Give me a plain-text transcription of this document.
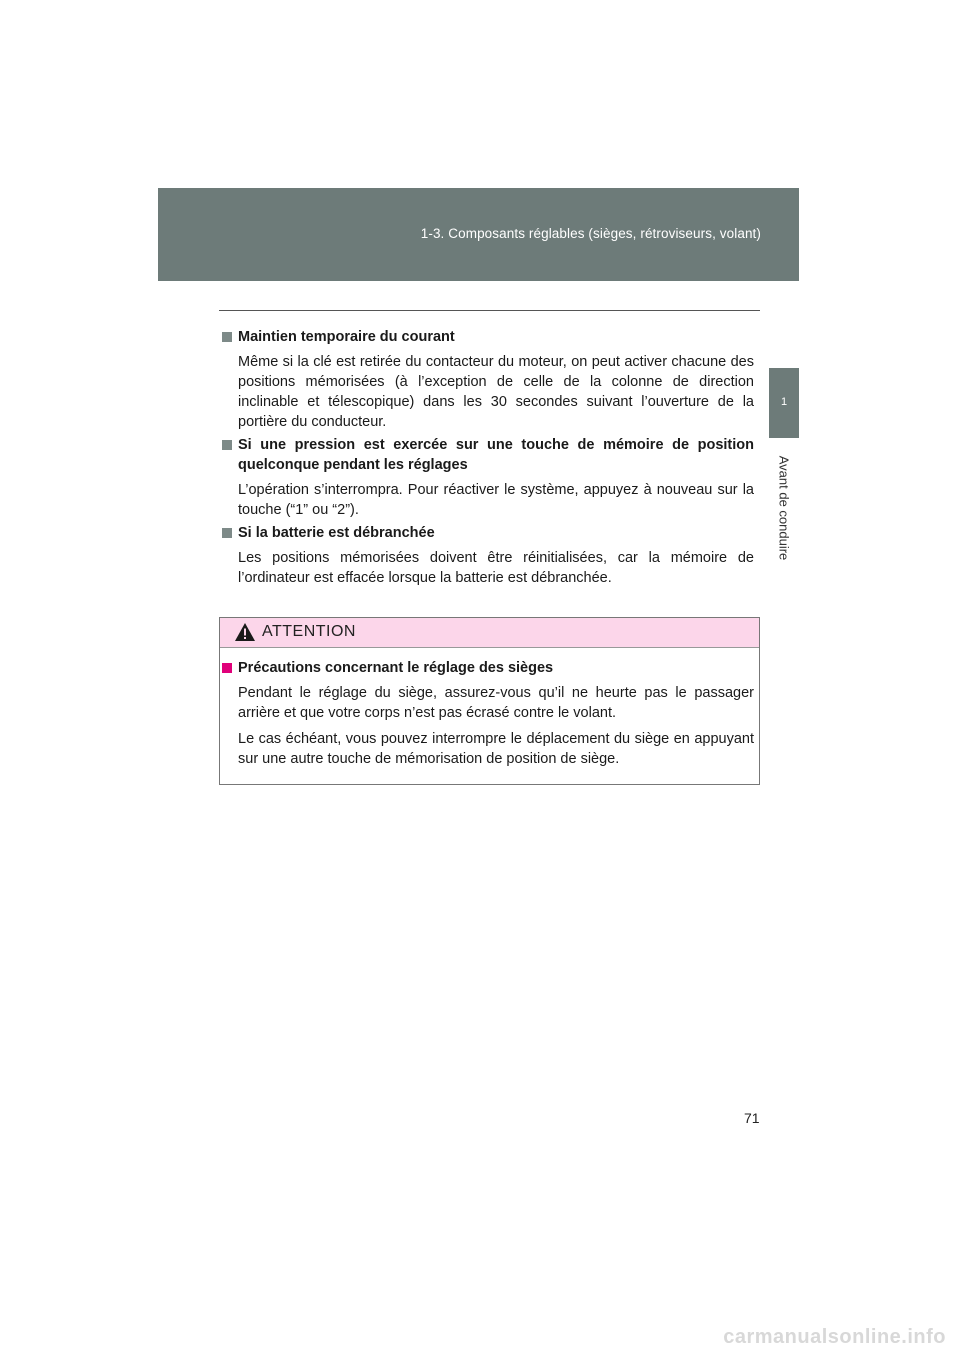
1-3. Composants réglables (sièges, rétroviseurs, volant)
1
Avant de conduire
Maintien temporaire du courant
Même si la clé est retirée du contacteur du moteur, on peut activer chacune des positions mémorisées (à l’exception de celle de la colonne de direction inclinable et télescopique) dans les 30 secondes suivant l’ouverture de la portière du conducteur.
Si une pression est exercée sur une touche de mémoire de position quelconque pendant les réglages
L’opération s’interrompra. Pour réactiver le système, appuyez à nouveau sur la touche (“1” ou “2”).
Si la batterie est débranchée
Les positions mémorisées doivent être réinitialisées, car la mémoire de l’ordinateur est effacée lorsque la batterie est débranchée.
ATTENTION
Précautions concernant le réglage des sièges
Pendant le réglage du siège, assurez-vous qu’il ne heurte pas le passager arrière et que votre corps n’est pas écrasé contre le volant.
Le cas échéant, vous pouvez interrompre le déplacement du siège en appuyant sur une autre touche de mémorisation de position de siège.
71
carmanualsonline.info
